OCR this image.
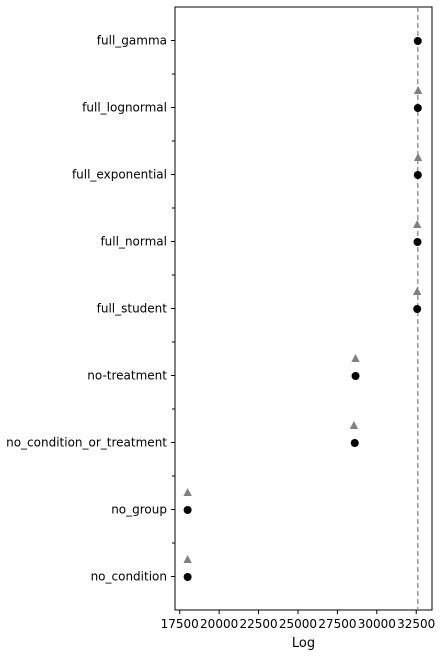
full_gamma
full_lognormal
full_exponential
full_normal
full_student
no-treatment
no_condition_or_treatment
no_group
no_condition
17500 20000 22500 25000 27500 30000 32500
Log
